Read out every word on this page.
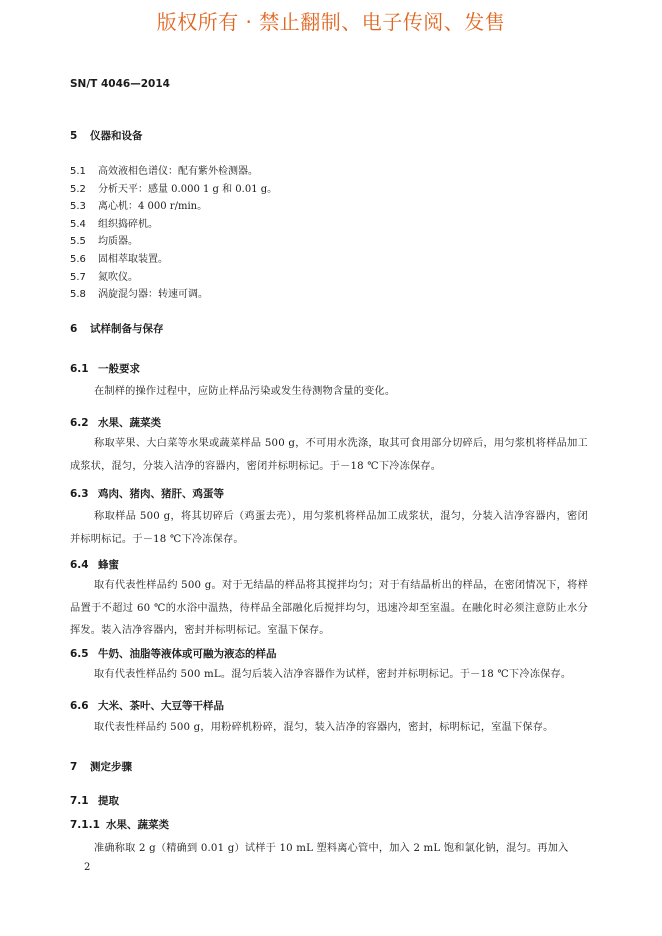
版权所有 · 禁止翻制、电子传阅、发售
SN/T 4046—2014
5 仪器和设备
5.1 高效液相色谱仪：配有紫外检测器。
5.2 分析天平：感量 0.000 1 g 和 0.01 g。
5.3 离心机：4 000 r/min。
5.4 组织捣碎机。
5.5 均质器。
5.6 固相萃取装置。
5.7 氮吹仪。
5.8 涡旋混匀器：转速可调。
6 试样制备与保存
6.1 一般要求
在制样的操作过程中，应防止样品污染或发生待测物含量的变化。
6.2 水果、蔬菜类
称取苹果、大白菜等水果或蔬菜样品 500 g，不可用水洗涤，取其可食用部分切碎后，用匀浆机将样品加工成浆状，混匀，分装入洁净的容器内，密闭并标明标记。于－18 ℃下冷冻保存。
6.3 鸡肉、猪肉、猪肝、鸡蛋等
称取样品 500 g，将其切碎后（鸡蛋去壳），用匀浆机将样品加工成浆状，混匀，分装入洁净容器内，密闭并标明标记。于－18 ℃下冷冻保存。
6.4 蜂蜜
取有代表性样品约 500 g。对于无结晶的样品将其搅拌均匀；对于有结晶析出的样品，在密闭情况下，将样品置于不超过 60 ℃的水浴中温热，待样品全部融化后搅拌均匀，迅速冷却至室温。在融化时必须注意防止水分挥发。装入洁净容器内，密封并标明标记。室温下保存。
6.5 牛奶、油脂等液体或可融为液态的样品
取有代表性样品约 500 mL。混匀后装入洁净容器作为试样，密封并标明标记。于－18 ℃下冷冻保存。
6.6 大米、茶叶、大豆等干样品
取代表性样品约 500 g，用粉碎机粉碎，混匀，装入洁净的容器内，密封，标明标记，室温下保存。
7 测定步骤
7.1 提取
7.1.1 水果、蔬菜类
准确称取 2 g（精确到 0.01 g）试样于 10 mL 塑料离心管中，加入 2 mL 饱和氯化钠，混匀。再加入
2
